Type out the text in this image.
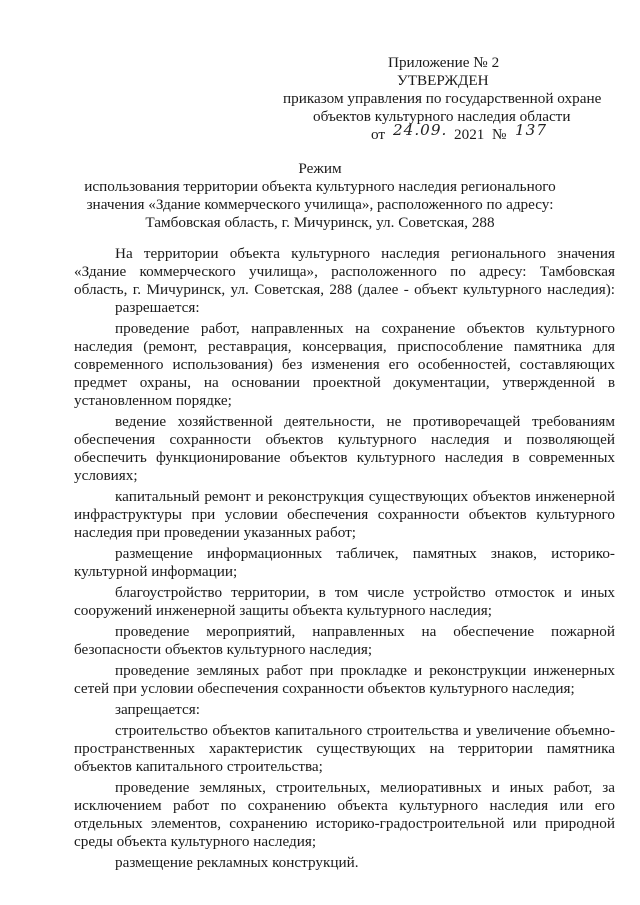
Приложение № 2
УТВЕРЖДЕН
приказом управления по государственной охране
объектов культурного наследия области
от 24.09. 2021 № 137
Режим
использования территории объекта культурного наследия регионального
значения «Здание коммерческого училища», расположенного по адресу:
Тамбовская область, г. Мичуринск, ул. Советская, 288
На территории объекта культурного наследия регионального значения
«Здание коммерческого училища», расположенного по адресу: Тамбовская
область, г. Мичуринск, ул. Советская, 288 (далее - объект культурного наследия):
разрешается:
проведение работ, направленных на сохранение объектов культурного
наследия (ремонт, реставрация, консервация, приспособление памятника для
современного использования) без изменения его особенностей, составляющих
предмет охраны, на основании проектной документации, утвержденной в
установленном порядке;
ведение хозяйственной деятельности, не противоречащей требованиям
обеспечения сохранности объектов культурного наследия и позволяющей
обеспечить функционирование объектов культурного наследия в современных
условиях;
капитальный ремонт и реконструкция существующих объектов инженерной
инфраструктуры при условии обеспечения сохранности объектов культурного
наследия при проведении указанных работ;
размещение информационных табличек, памятных знаков, историко-
культурной информации;
благоустройство территории, в том числе устройство отмосток и иных
сооружений инженерной защиты объекта культурного наследия;
проведение мероприятий, направленных на обеспечение пожарной
безопасности объектов культурного наследия;
проведение земляных работ при прокладке и реконструкции инженерных
сетей при условии обеспечения сохранности объектов культурного наследия;
запрещается:
строительство объектов капитального строительства и увеличение объемно-
пространственных характеристик существующих на территории памятника
объектов капитального строительства;
проведение земляных, строительных, мелиоративных и иных работ, за
исключением работ по сохранению объекта культурного наследия или его
отдельных элементов, сохранению историко-градостроительной или природной
среды объекта культурного наследия;
размещение рекламных конструкций.
